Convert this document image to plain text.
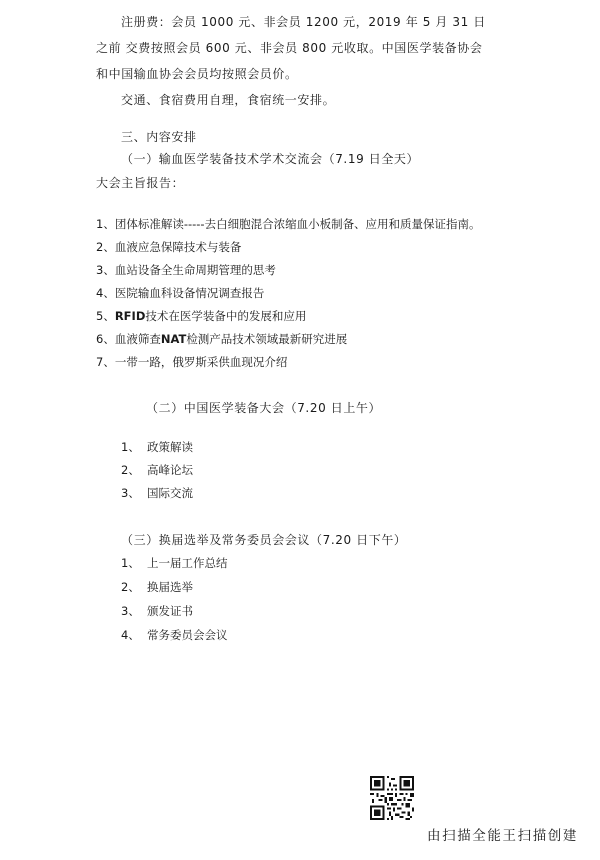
注册费：会员 1000 元、非会员 1200 元，2019 年 5 月 31 日
之前 交费按照会员 600 元、非会员 800 元收取。中国医学装备协会
和中国输血协会会员均按照会员价。
交通、食宿费用自理，食宿统一安排。
三、内容安排
（一）输血医学装备技术学术交流会（7.19 日全天）
大会主旨报告：
1、团体标准解读-----去白细胞混合浓缩血小板制备、应用和质量保证指南。
2、血液应急保障技术与装备
3、血站设备全生命周期管理的思考
4、医院输血科设备情况调查报告
5、RFID技术在医学装备中的发展和应用
6、血液筛查NAT检测产品技术领域最新研究进展
7、一带一路，俄罗斯采供血现况介绍
（二）中国医学装备大会（7.20 日上午）
1、 政策解读
2、 高峰论坛
3、 国际交流
（三）换届选举及常务委员会会议（7.20 日下午）
1、 上一届工作总结
2、 换届选举
3、 颁发证书
4、 常务委员会会议
由扫描全能王扫描创建
